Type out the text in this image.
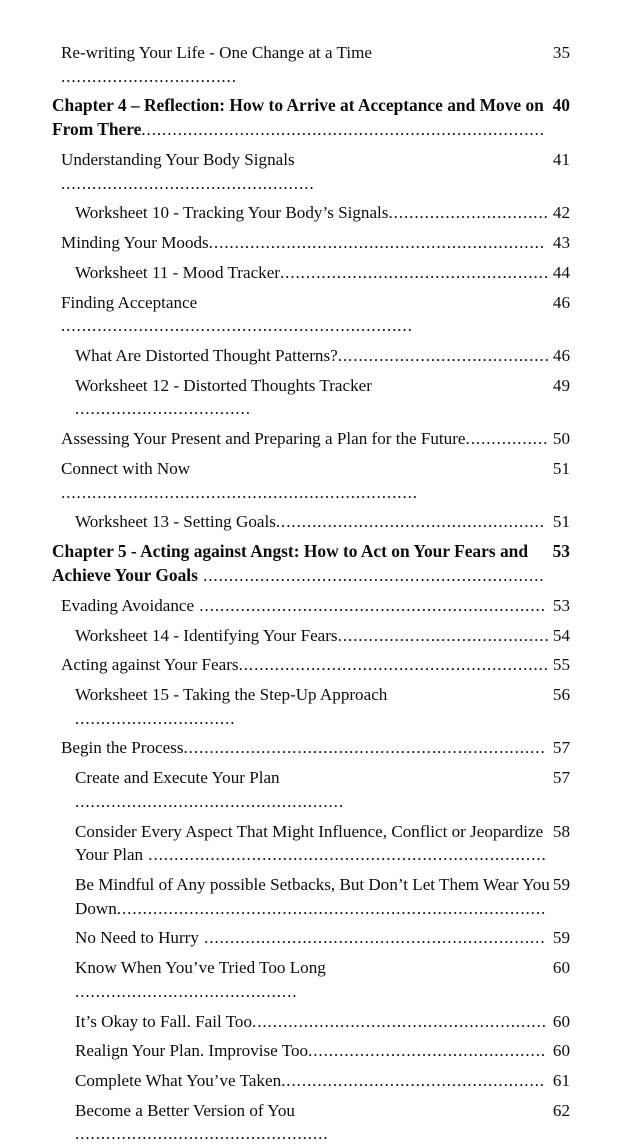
35
Re-writing Your Life - One Change at a Time ..................................
40
Chapter 4 – Reflection: How to Arrive at Acceptance and Move on From There..............................................................................
41
Understanding Your Body Signals .................................................
42
Worksheet 10 - Tracking Your Body’s Signals...............................
43
Minding Your Moods.................................................................
44
Worksheet 11 - Mood Tracker....................................................
46
Finding Acceptance ....................................................................
46
What Are Distorted Thought Patterns?.........................................
49
Worksheet 12 - Distorted Thoughts Tracker ..................................
50
Assessing Your Present and Preparing a Plan for the Future................
51
Connect with Now .....................................................................
51
Worksheet 13 - Setting Goals....................................................
53
Chapter 5 - Acting against Angst: How to Act on Your Fears and Achieve Your Goals ..................................................................
53
Evading Avoidance ...................................................................
54
Worksheet 14 - Identifying Your Fears.........................................
55
Acting against Your Fears............................................................
56
Worksheet 15 - Taking the Step-Up Approach ...............................
57
Begin the Process......................................................................
57
Create and Execute Your Plan ....................................................
58
Consider Every Aspect That Might Influence, Conflict or Jeopardize Your Plan .............................................................................
59
Be Mindful of Any possible Setbacks, But Don’t Let Them Wear You Down...................................................................................
59
No Need to Hurry ..................................................................
60
Know When You’ve Tried Too Long ...........................................
60
It’s Okay to Fall. Fail Too.........................................................
60
Realign Your Plan. Improvise Too..............................................
61
Complete What You’ve Taken...................................................
62
Become a Better Version of You .................................................
